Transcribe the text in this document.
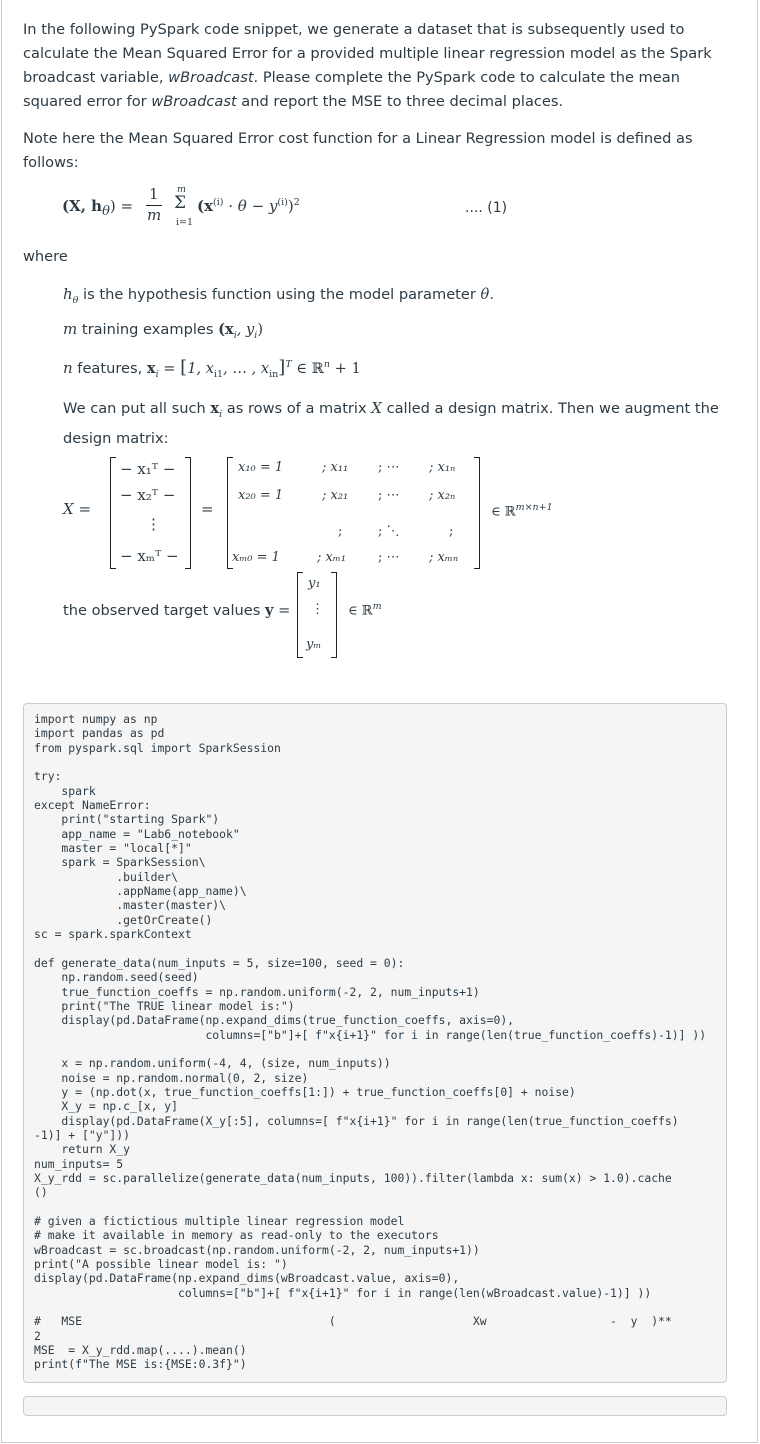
In the following PySpark code snippet, we generate a dataset that is subsequently used to calculate the Mean Squared Error for a provided multiple linear regression model as the Spark broadcast variable, wBroadcast. Please complete the PySpark code to calculate the mean squared error for wBroadcast and report the MSE to three decimal places.

Note here the Mean Squared Error cost function for a Linear Regression model is defined as follows:

(X, $h_\theta$) =
1
m
m
Σ
i=1
$(x^{(i)} \cdot \theta - y^{(i)})^2$	.... (1)
where
$h_\theta$ is the hypothesis function using the model parameter θ.
m training examples ($x_i$, $y_i$)
n features, $x_i = [1$, $x_{i1}$, … , $x_{in}]^T$ ∈ ℝ$^n$ + 1

We can put all such $x_i$ as rows of a matrix X called a design matrix. Then we augment the design matrix:

X =
− x₁ᵀ −
− x₂ᵀ −
⋮
− xₘᵀ −
=
x₁₀ = 1	; x₁₁ ; ⋯ ; x₁ₙ
x₂₀ = 1	; x₂₁ ; ⋯ ; x₂ₙ
;	; ⋱	;
xₘ₀ = 1	; xₘ₁ ; ⋯ ; xₘₙ
∈ ℝ$^{m\times n+1}$
the observed target values y =
y₁
⋮
yₘ
∈ ℝ$^m$
import numpy as np
import pandas as pd
from pyspark.sql import SparkSession

try:
spark
except NameError:
print("starting Spark")
app_name = "Lab6_notebook"
master = "local[*]"
spark = SparkSession\
.builder\
.appName(app_name)\
.master(master)\
.getOrCreate()
sc = spark.sparkContext

def generate_data(num_inputs = 5, size=100, seed = 0):
np.random.seed(seed)
true_function_coeffs = np.random.uniform(-2, 2, num_inputs+1)
print("The TRUE linear model is:")
display(pd.DataFrame(np.expand_dims(true_function_coeffs, axis=0),
columns=["b"]+[ f"x{i+1}" for i in range(len(true_function_coeffs)-1)] ))

x = np.random.uniform(-4, 4, (size, num_inputs))
noise = np.random.normal(0, 2, size)
y = (np.dot(x, true_function_coeffs[1:]) + true_function_coeffs[0] + noise)
X_y = np.c_[x, y]
display(pd.DataFrame(X_y[:5], columns=[ f"x{i+1}" for i in range(len(true_function_coeffs)
-1)] + ["y"]))
return X_y
num_inputs= 5
X_y_rdd = sc.parallelize(generate_data(num_inputs, 100)).filter(lambda x: sum(x) > 1.0).cache
()

# given a fictictious multiple linear regression model
# make it available in memory as read-only to the executors
wBroadcast = sc.broadcast(np.random.uniform(-2, 2, num_inputs+1))
print("A possible linear model is: ")
display(pd.DataFrame(np.expand_dims(wBroadcast.value, axis=0),
columns=["b"]+[ f"x{i+1}" for i in range(len(wBroadcast.value)-1)] ))

#   MSE                                    (                    Xw                  -  y  )**
2
MSE  = X_y_rdd.map(....).mean()
print(f"The MSE is:{MSE:0.3f}")
